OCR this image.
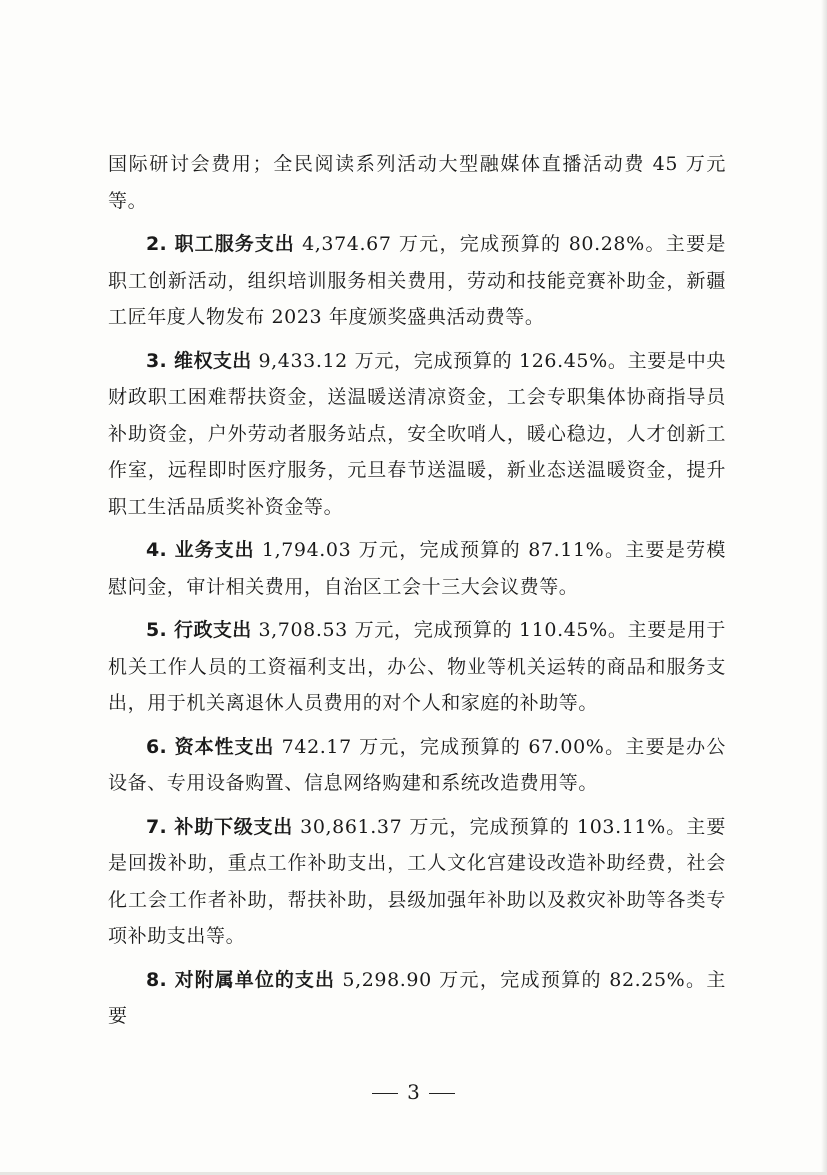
国际研讨会费用；全民阅读系列活动大型融媒体直播活动费 45 万元等。

2. 职工服务支出 4,374.67 万元，完成预算的 80.28%。主要是职工创新活动，组织培训服务相关费用，劳动和技能竞赛补助金，新疆工匠年度人物发布 2023 年度颁奖盛典活动费等。

3. 维权支出 9,433.12 万元，完成预算的 126.45%。主要是中央财政职工困难帮扶资金，送温暖送清凉资金，工会专职集体协商指导员补助资金，户外劳动者服务站点，安全吹哨人，暖心稳边，人才创新工作室，远程即时医疗服务，元旦春节送温暖，新业态送温暖资金，提升职工生活品质奖补资金等。

4. 业务支出 1,794.03 万元，完成预算的 87.11%。主要是劳模慰问金，审计相关费用，自治区工会十三大会议费等。

5. 行政支出 3,708.53 万元，完成预算的 110.45%。主要是用于机关工作人员的工资福利支出，办公、物业等机关运转的商品和服务支出，用于机关离退休人员费用的对个人和家庭的补助等。

6. 资本性支出 742.17 万元，完成预算的 67.00%。主要是办公设备、专用设备购置、信息网络购建和系统改造费用等。

7. 补助下级支出 30,861.37 万元，完成预算的 103.11%。主要是回拨补助，重点工作补助支出，工人文化宫建设改造补助经费，社会化工会工作者补助，帮扶补助，县级加强年补助以及救灾补助等各类专项补助支出等。

8. 对附属单位的支出 5,298.90 万元，完成预算的 82.25%。主要

3
